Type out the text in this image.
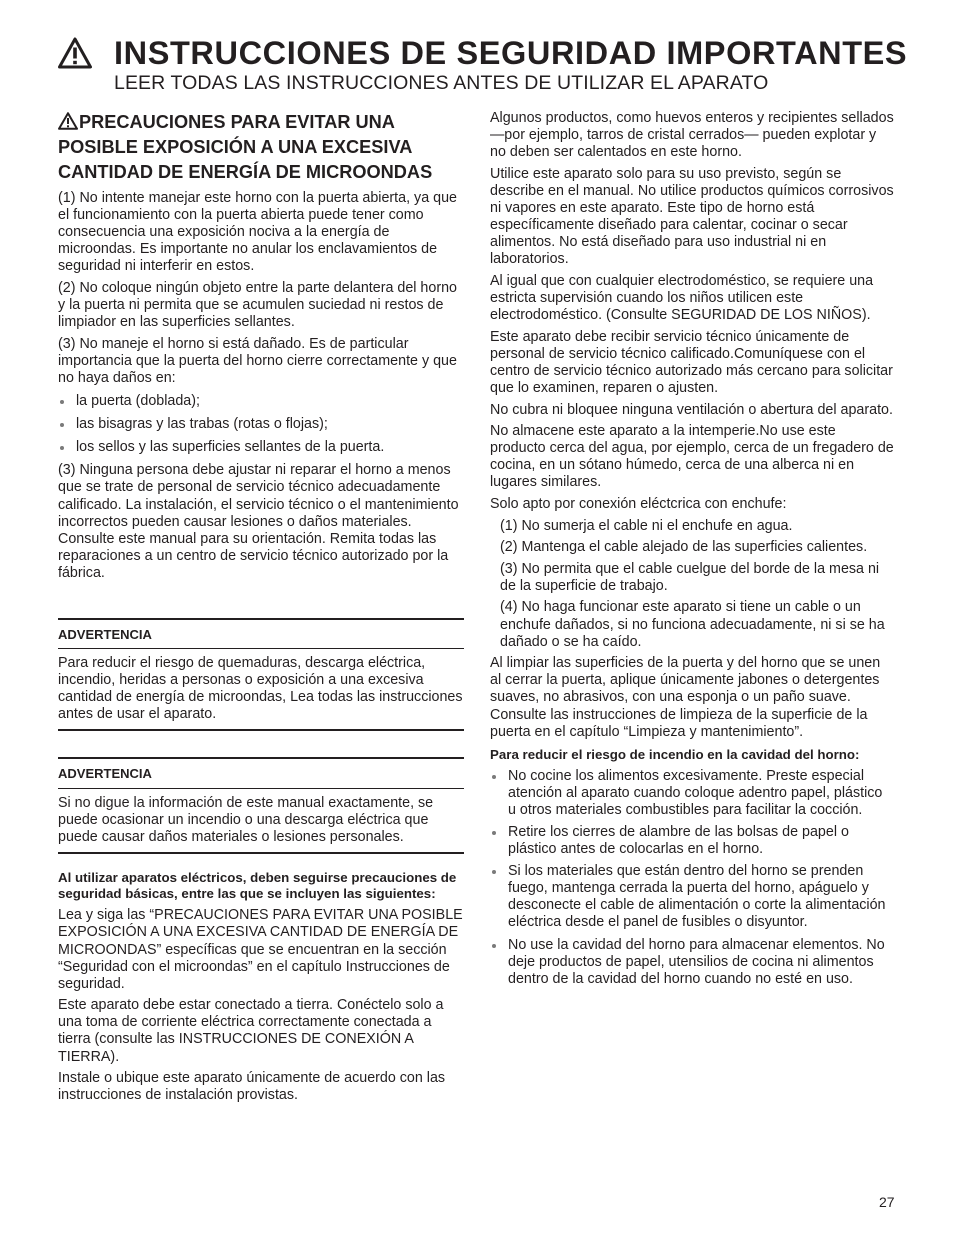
INSTRUCCIONES DE SEGURIDAD IMPORTANTES
LEER TODAS LAS INSTRUCCIONES ANTES DE UTILIZAR EL APARATO
PRECAUCIONES PARA EVITAR UNA POSIBLE EXPOSICIÓN A UNA EXCESIVA CANTIDAD DE ENERGÍA DE MICROONDAS

(1) No intente manejar este horno con la puerta abierta, ya que el funcionamiento con la puerta abierta puede tener como consecuencia una exposición nociva a la energía de microondas. Es importante no anular los enclavamientos de seguridad ni interferir en estos.

(2) No coloque ningún objeto entre la parte delantera del horno y la puerta ni permita que se acumulen suciedad ni restos de limpiador en las superficies sellantes.

(3) No maneje el horno si está dañado. Es de particular importancia que la puerta del horno cierre correctamente y que no haya daños en:

la puerta (doblada);
las bisagras y las trabas (rotas o flojas);
los sellos y las superficies sellantes de la puerta.

(3) Ninguna persona debe ajustar ni reparar el horno a menos que se trate de personal de servicio técnico adecuadamente calificado. La instalación, el servicio técnico o el mantenimiento incorrectos pueden causar lesiones o daños materiales. Consulte este manual para su orientación. Remita todas las reparaciones a un centro de servicio técnico autorizado por la fábrica.

ADVERTENCIA

Para reducir el riesgo de quemaduras, descarga eléctrica, incendio, heridas a personas o exposición a una excesiva cantidad de energía de microondas, Lea todas las instrucciones antes de usar el aparato.

ADVERTENCIA

Si no digue la información de este manual exactamente, se puede ocasionar un incendio o una descarga eléctrica que puede causar daños materiales o lesiones personales.

Al utilizar aparatos eléctricos, deben seguirse precauciones de seguridad básicas, entre las que se incluyen las siguientes:

Lea y siga las “PRECAUCIONES PARA EVITAR UNA POSIBLE EXPOSICIÓN A UNA EXCESIVA CANTIDAD DE ENERGÍA DE MICROONDAS” específicas que se encuentran en la sección “Seguridad con el microondas” en el capítulo Instrucciones de seguridad.

Este aparato debe estar conectado a tierra. Conéctelo solo a una toma de corriente eléctrica correctamente conectada a tierra (consulte las INSTRUCCIONES DE CONEXIÓN A TIERRA).

Instale o ubique este aparato únicamente de acuerdo con las instrucciones de instalación provistas.

Algunos productos, como huevos enteros y recipientes sellados —por ejemplo, tarros de cristal cerrados— pueden explotar y no deben ser calentados en este horno.

Utilice este aparato solo para su uso previsto, según se describe en el manual. No utilice productos químicos corrosivos ni vapores en este aparato. Este tipo de horno está específicamente diseñado para calentar, cocinar o secar alimentos. No está diseñado para uso industrial ni en laboratorios.

Al igual que con cualquier electrodoméstico, se requiere una estricta supervisión cuando los niños utilicen este electrodoméstico. (Consulte SEGURIDAD DE LOS NIÑOS).

Este aparato debe recibir servicio técnico únicamente de personal de servicio técnico calificado.Comuníquese con el centro de servicio técnico autorizado más cercano para solicitar que lo examinen, reparen o ajusten.

No cubra ni bloquee ninguna ventilación o abertura del aparato.

No almacene este aparato a la intemperie.No use este producto cerca del agua, por ejemplo, cerca de un fregadero de cocina, en un sótano húmedo, cerca de una alberca ni en lugares similares.

Solo apto por conexión eléctcrica con enchufe:

(1) No sumerja el cable ni el enchufe en agua.

(2) Mantenga el cable alejado de las superficies calientes.

(3) No permita que el cable cuelgue del borde de la mesa ni de la superficie de trabajo.

(4) No haga funcionar este aparato si tiene un cable o un enchufe dañados, si no funciona adecuadamente, ni si se ha dañado o se ha caído.

Al limpiar las superficies de la puerta y del horno que se unen al cerrar la puerta, aplique únicamente jabones o detergentes suaves, no abrasivos, con una esponja o un paño suave. Consulte las instrucciones de limpieza de la superficie de la puerta en el capítulo “Limpieza y mantenimiento”.

Para reducir el riesgo de incendio en la cavidad del horno:

No cocine los alimentos excesivamente. Preste especial atención al aparato cuando coloque adentro papel, plástico u otros materiales combustibles para facilitar la cocción.
Retire los cierres de alambre de las bolsas de papel o plástico antes de colocarlas en el horno.
Si los materiales que están dentro del horno se prenden fuego, mantenga cerrada la puerta del horno, apáguelo y desconecte el cable de alimentación o corte la alimentación eléctrica desde el panel de fusibles o disyuntor.
No use la cavidad del horno para almacenar elementos. No deje productos de papel, utensilios de cocina ni alimentos dentro de la cavidad del horno cuando no esté en uso.
27
